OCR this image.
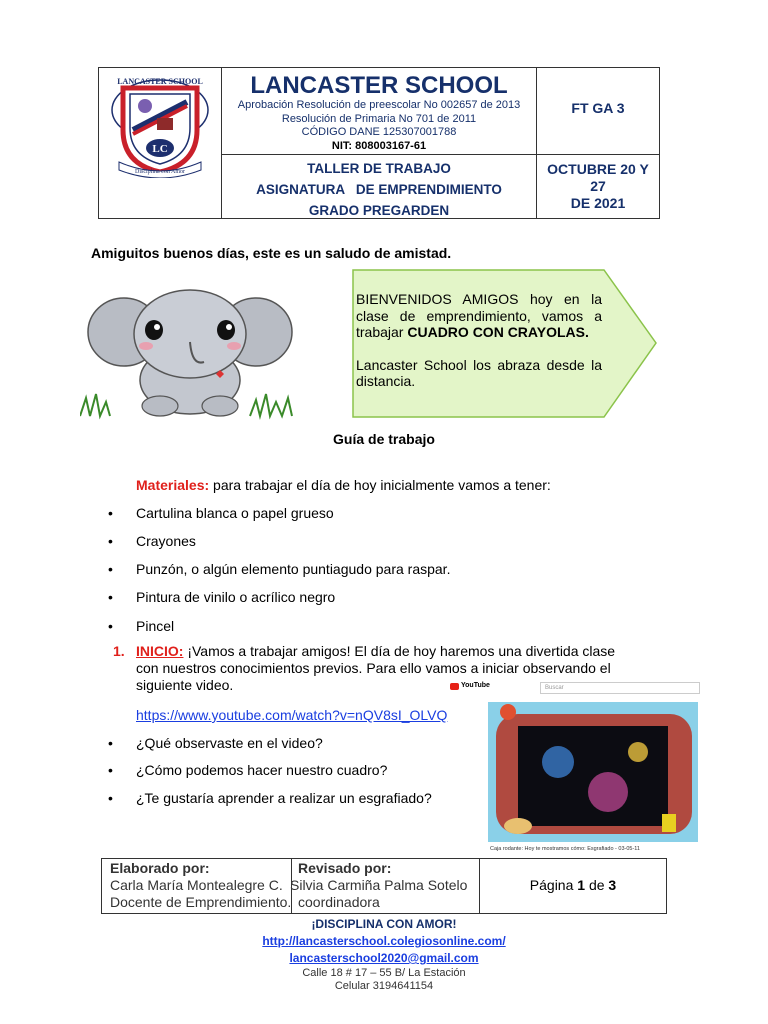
LC
LANCASTER SCHOOL
Disciplina con Amor
LANCASTER SCHOOL
Aprobación Resolución de preescolar No 002657 de 2013
Resolución de Primaria No 701 de 2011
CÓDIGO DANE 125307001788
NIT: 808003167-61
FT GA 3
TALLER DE TRABAJO
ASIGNATURA   DE EMPRENDIMIENTO
GRADO PREGARDEN
OCTUBRE 20 Y
27
DE 2021
Amiguitos buenos días, este es un saludo de amistad.
BIENVENIDOS AMIGOS hoy en la clase de emprendimiento, vamos a trabajar CUADRO CON CRAYOLAS.
Lancaster School los abraza desde la distancia.
Guía de trabajo
Materiales: para trabajar el día de hoy inicialmente vamos a tener:
• Cartulina blanca o papel grueso
• Crayones
• Punzón, o algún elemento puntiagudo para raspar.
• Pintura de vinilo o acrílico negro
• Pincel
1. INICIO: ¡Vamos a trabajar amigos! El día de hoy haremos una divertida clase
con nuestros conocimientos previos. Para ello vamos a iniciar observando el
siguiente video.
https://www.youtube.com/watch?v=nQV8sI_OLVQ
• ¿Qué observaste en el video?
• ¿Cómo podemos hacer nuestro cuadro?
• ¿Te gustaría aprender a realizar un esgrafiado?
YouTube	Buscar
Caja rodante: Hoy te mostramos cómo: Esgrafiado - 03-05-11
Elaborado por:
Carla María Montealegre C.
Docente de Emprendimiento.
Revisado por:
Silvia Carmiña Palma Sotelo
coordinadora
Página 1 de 3
¡DISCIPLINA CON AMOR!
http://lancasterschool.colegiosonline.com/
lancasterschool2020@gmail.com
Calle 18 # 17 – 55 B/ La Estación
Celular 3194641154
